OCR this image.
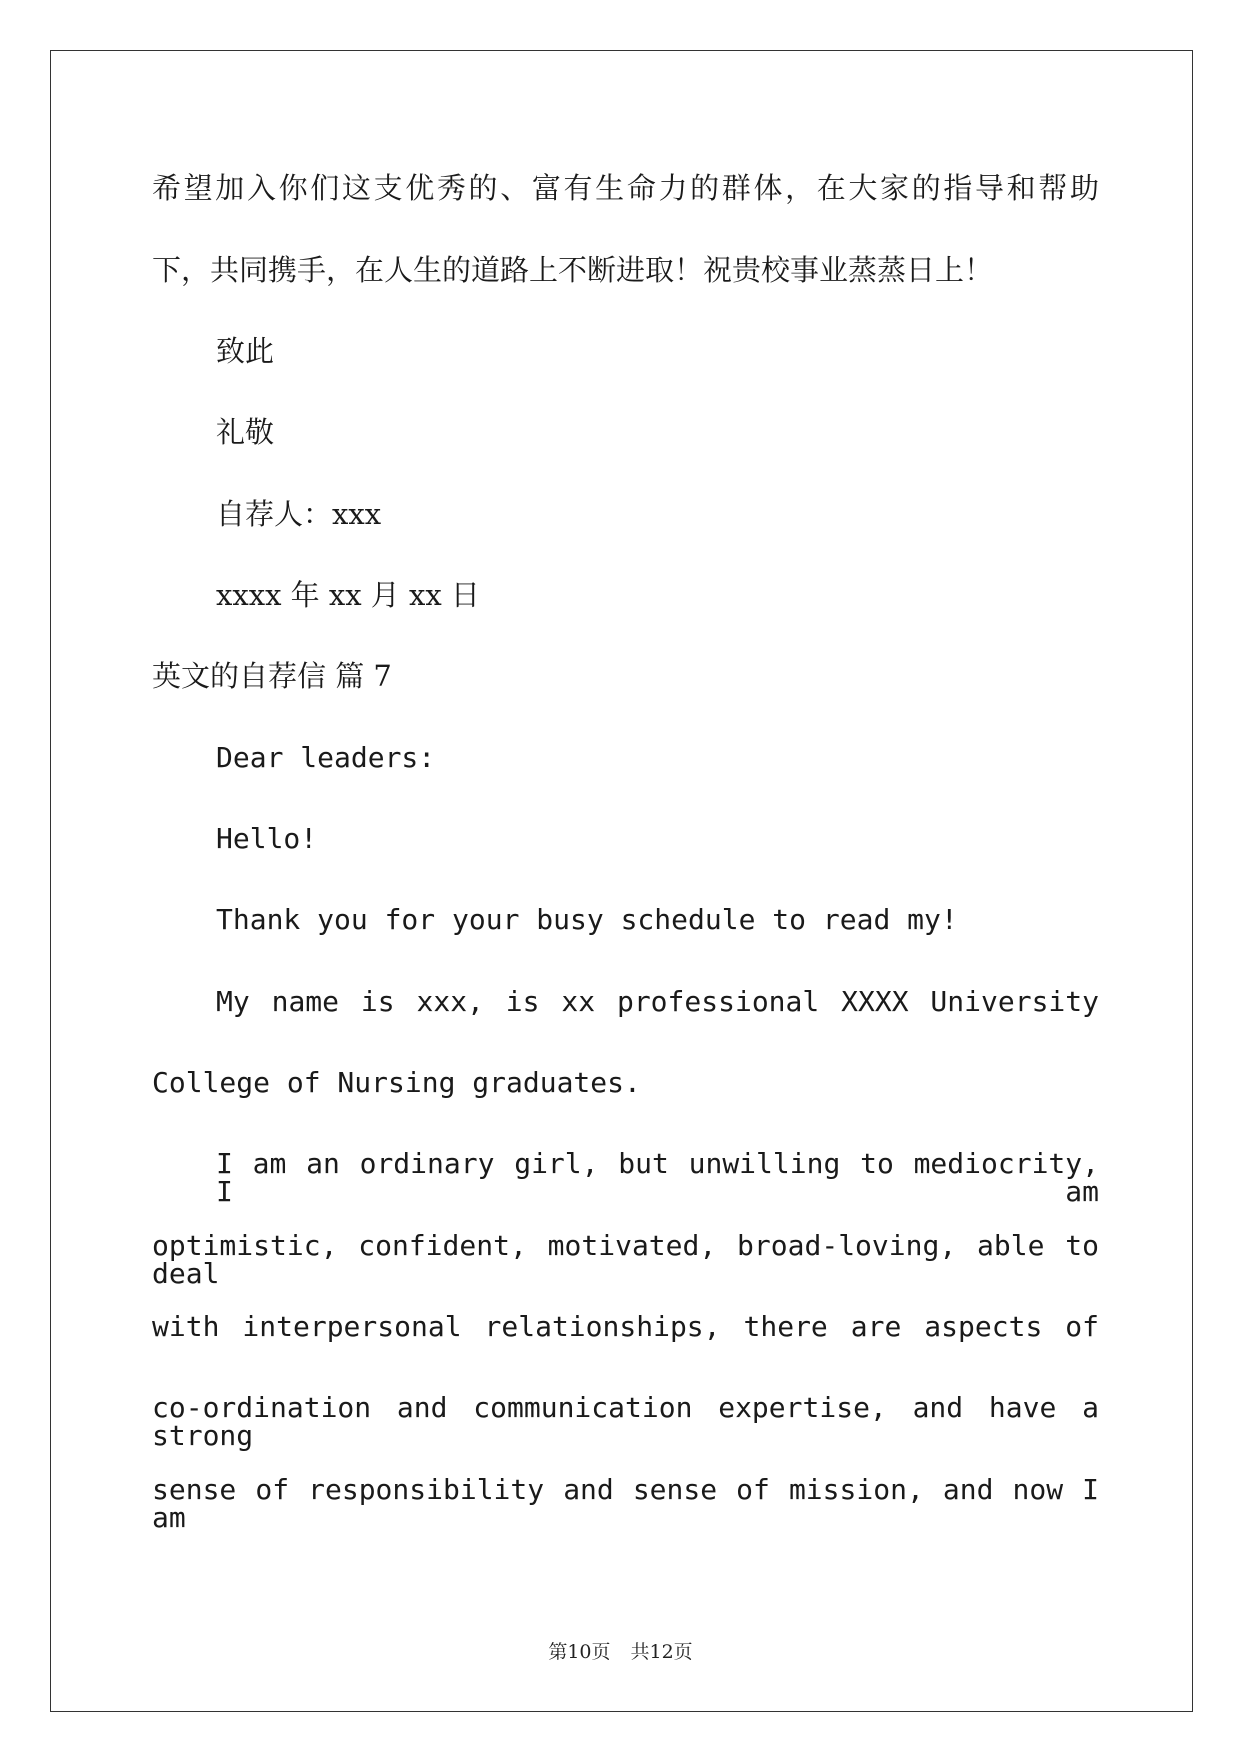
希望加入你们这支优秀的、富有生命力的群体，在大家的指导和帮助

下，共同携手，在人生的道路上不断进取！祝贵校事业蒸蒸日上！

致此

礼敬

自荐人：xxx

xxxx 年 xx 月 xx 日

英文的自荐信 篇 7

Dear leaders:

Hello!

Thank you for your busy schedule to read my!

My name is xxx, is xx professional XXXX University

College of Nursing graduates.

I am an ordinary girl, but unwilling to mediocrity, I am

optimistic, confident, motivated, broad-loving, able to deal

with interpersonal relationships, there are aspects of

co-ordination and communication expertise, and have a strong

sense of responsibility and sense of mission, and now I am

第10页 共12页
